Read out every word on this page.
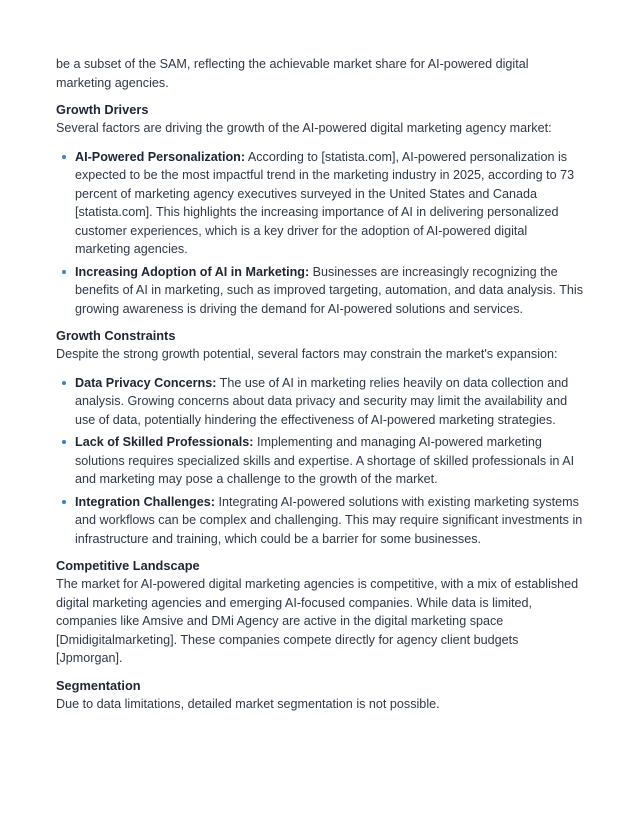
be a subset of the SAM, reflecting the achievable market share for AI-powered digital marketing agencies.

Growth Drivers

Several factors are driving the growth of the AI-powered digital marketing agency market:

AI-Powered Personalization: According to [statista.com], AI-powered personalization is expected to be the most impactful trend in the marketing industry in 2025, according to 73 percent of marketing agency executives surveyed in the United States and Canada [statista.com]. This highlights the increasing importance of AI in delivering personalized customer experiences, which is a key driver for the adoption of AI-powered digital marketing agencies.
Increasing Adoption of AI in Marketing: Businesses are increasingly recognizing the benefits of AI in marketing, such as improved targeting, automation, and data analysis. This growing awareness is driving the demand for AI-powered solutions and services.
Growth Constraints

Despite the strong growth potential, several factors may constrain the market's expansion:

Data Privacy Concerns: The use of AI in marketing relies heavily on data collection and analysis. Growing concerns about data privacy and security may limit the availability and use of data, potentially hindering the effectiveness of AI-powered marketing strategies.
Lack of Skilled Professionals: Implementing and managing AI-powered marketing solutions requires specialized skills and expertise. A shortage of skilled professionals in AI and marketing may pose a challenge to the growth of the market.
Integration Challenges: Integrating AI-powered solutions with existing marketing systems and workflows can be complex and challenging. This may require significant investments in infrastructure and training, which could be a barrier for some businesses.
Competitive Landscape

The market for AI-powered digital marketing agencies is competitive, with a mix of established digital marketing agencies and emerging AI-focused companies. While data is limited, companies like Amsive and DMi Agency are active in the digital marketing space [Dmidigitalmarketing]. These companies compete directly for agency client budgets [Jpmorgan].

Segmentation

Due to data limitations, detailed market segmentation is not possible.
